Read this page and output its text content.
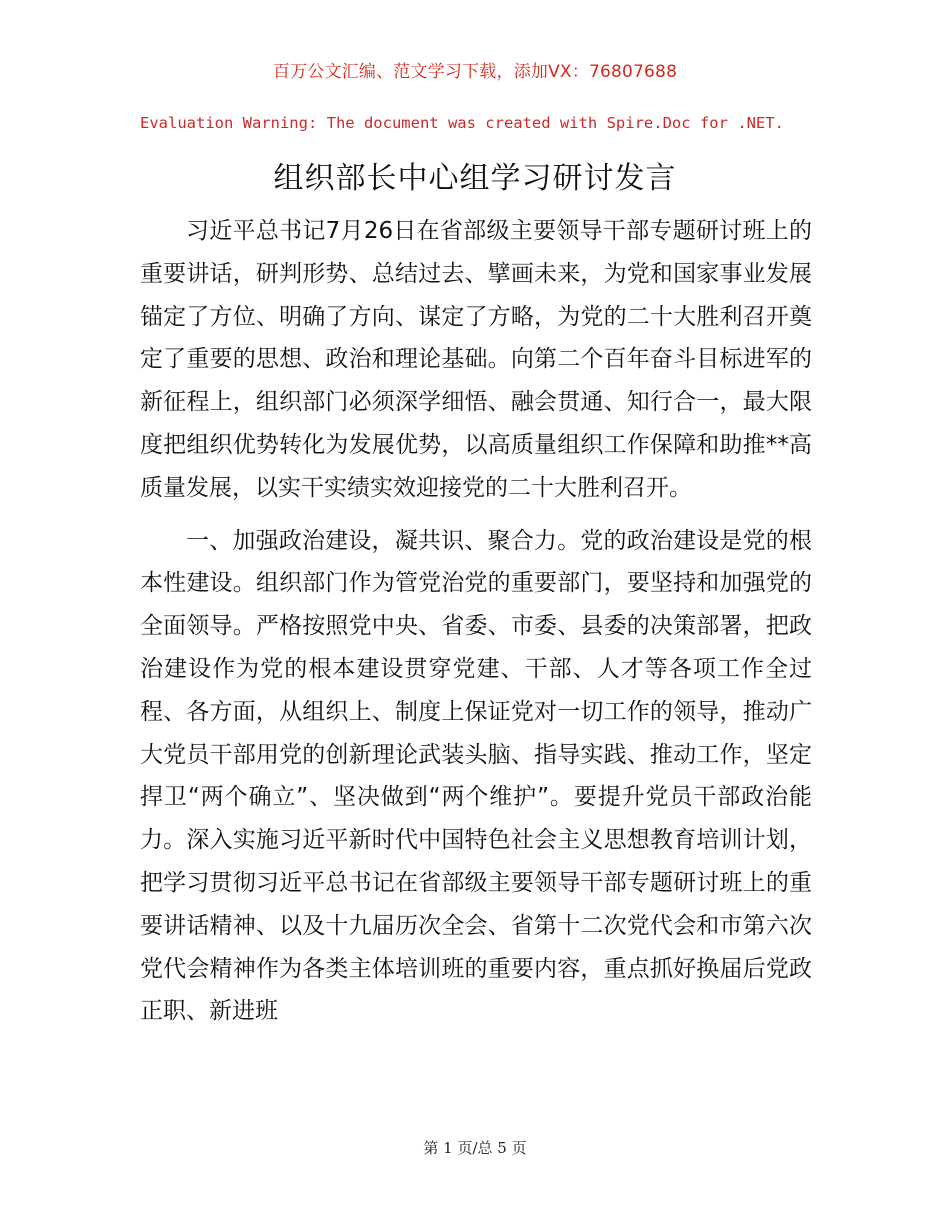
百万公文汇编、范文学习下载，添加VX：76807688
Evaluation Warning: The document was created with Spire.Doc for .NET.
组织部长中心组学习研讨发言

习近平总书记7月26日在省部级主要领导干部专题研讨班上的重要讲话，研判形势、总结过去、擘画未来，为党和国家事业发展锚定了方位、明确了方向、谋定了方略，为党的二十大胜利召开奠定了重要的思想、政治和理论基础。向第二个百年奋斗目标进军的新征程上，组织部门必须深学细悟、融会贯通、知行合一，最大限度把组织优势转化为发展优势，以高质量组织工作保障和助推**高质量发展，以实干实绩实效迎接党的二十大胜利召开。

一、加强政治建设，凝共识、聚合力。党的政治建设是党的根本性建设。组织部门作为管党治党的重要部门，要坚持和加强党的全面领导。严格按照党中央、省委、市委、县委的决策部署，把政治建设作为党的根本建设贯穿党建、干部、人才等各项工作全过程、各方面，从组织上、制度上保证党对一切工作的领导，推动广大党员干部用党的创新理论武装头脑、指导实践、推动工作，坚定捍卫“两个确立”、坚决做到“两个维护”。要提升党员干部政治能力。深入实施习近平新时代中国特色社会主义思想教育培训计划，把学习贯彻习近平总书记在省部级主要领导干部专题研讨班上的重要讲话精神、以及十九届历次全会、省第十二次党代会和市第六次党代会精神作为各类主体培训班的重要内容，重点抓好换届后党政正职、新进班

第 1 页/总 5 页
